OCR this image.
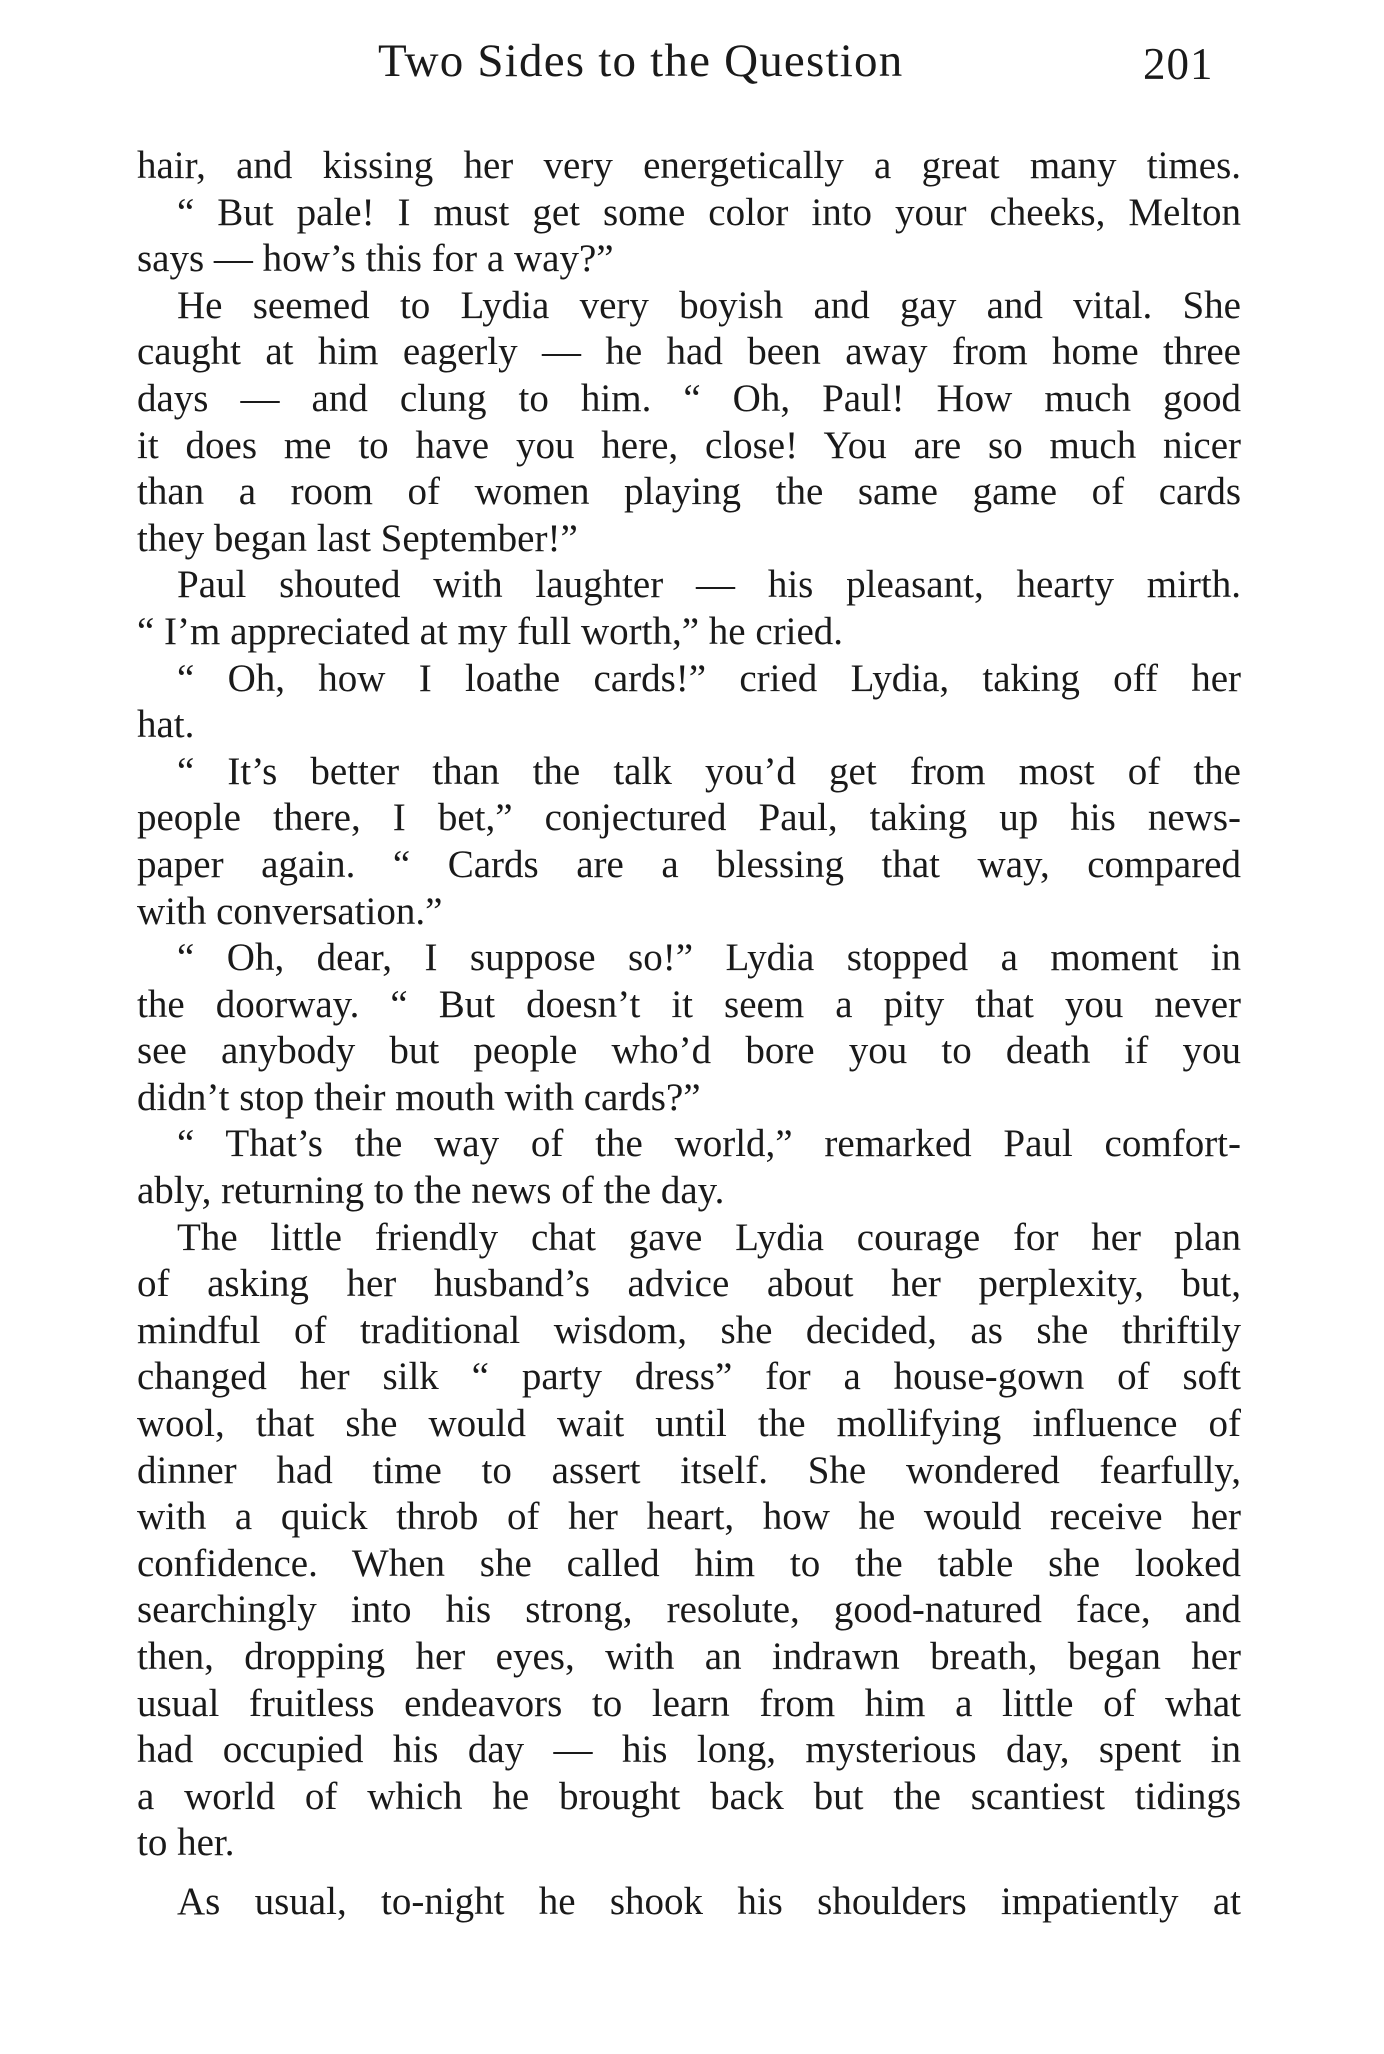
Two Sides to the Question	201
hair, and kissing her very energetically a great many times.
“ But pale! I must get some color into your cheeks, Melton
says — how’s this for a way?”
He seemed to Lydia very boyish and gay and vital. She
caught at him eagerly — he had been away from home three
days — and clung to him. “ Oh, Paul! How much good
it does me to have you here, close! You are so much nicer
than a room of women playing the same game of cards
they began last September!”
Paul shouted with laughter — his pleasant, hearty mirth.
“ I’m appreciated at my full worth,” he cried.
“ Oh, how I loathe cards!” cried Lydia, taking off her
hat.
“ It’s better than the talk you’d get from most of the
people there, I bet,” conjectured Paul, taking up his news-
paper again. “ Cards are a blessing that way, compared
with conversation.”
“ Oh, dear, I suppose so!” Lydia stopped a moment in
the doorway. “ But doesn’t it seem a pity that you never
see anybody but people who’d bore you to death if you
didn’t stop their mouth with cards?”
“ That’s the way of the world,” remarked Paul comfort-
ably, returning to the news of the day.
The little friendly chat gave Lydia courage for her plan
of asking her husband’s advice about her perplexity, but,
mindful of traditional wisdom, she decided, as she thriftily
changed her silk “ party dress” for a house-gown of soft
wool, that she would wait until the mollifying influence of
dinner had time to assert itself. She wondered fearfully,
with a quick throb of her heart, how he would receive her
confidence. When she called him to the table she looked
searchingly into his strong, resolute, good-natured face, and
then, dropping her eyes, with an indrawn breath, began her
usual fruitless endeavors to learn from him a little of what
had occupied his day — his long, mysterious day, spent in
a world of which he brought back but the scantiest tidings
to her.
As usual, to-night he shook his shoulders impatiently at
